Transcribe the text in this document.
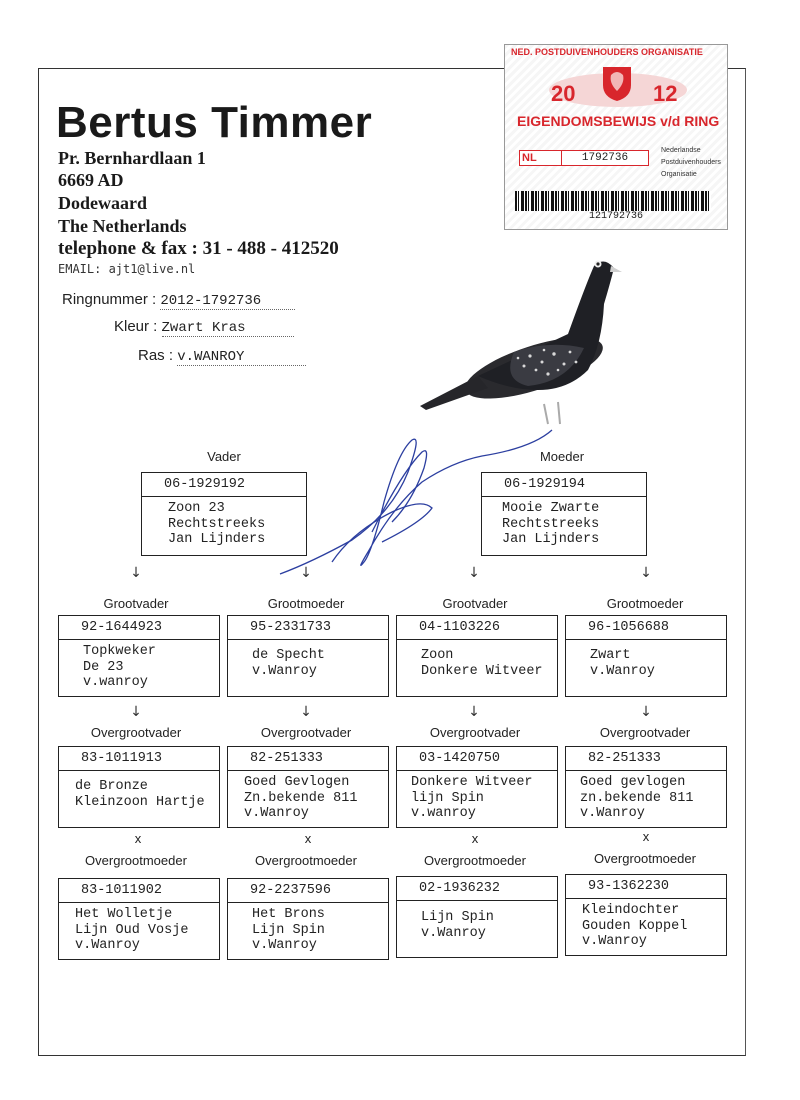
Bertus Timmer
Pr. Bernhardlaan 1
6669 AD
Dodewaard
The Netherlands
telephone & fax : 31 - 488 - 412520
EMAIL: ajt1@live.nl
Ringnummer : 2012-1792736
Kleur : Zwart Kras
Ras : v.WANROY
NED. POSTDUIVENHOUDERS ORGANISATIE
20	12
EIGENDOMSBEWIJS v/d RING
NL	1792736
Nederlandse
Postduivenhouders
Organisatie
121792736
Vader	Moeder
06-1929192
Zoon 23
Rechtstreeks
Jan Lijnders
06-1929194
Mooie Zwarte
Rechtstreeks
Jan Lijnders
↓	↓	↓	↓
Grootvader	Grootmoeder	Grootvader	Grootmoeder
92-1644923
Topkweker
De 23
v.wanroy
95-2331733
de Specht
v.Wanroy
04-1103226
Zoon
Donkere Witveer
96-1056688
Zwart
v.Wanroy
↓	↓	↓	↓
Overgrootvader	Overgrootvader	Overgrootvader	Overgrootvader
83-1011913
de Bronze
Kleinzoon Hartje
82-251333
Goed Gevlogen
Zn.bekende 811
v.Wanroy
03-1420750
Donkere Witveer
lijn Spin
v.wanroy
82-251333
Goed gevlogen
zn.bekende 811
v.Wanroy
x	x	x	x
Overgrootmoeder	Overgrootmoeder	Overgrootmoeder	Overgrootmoeder
83-1011902
Het Wolletje
Lijn Oud Vosje
v.Wanroy
92-2237596
Het Brons
Lijn Spin
v.Wanroy
02-1936232
Lijn Spin
v.Wanroy
93-1362230
Kleindochter
Gouden Koppel
v.Wanroy
